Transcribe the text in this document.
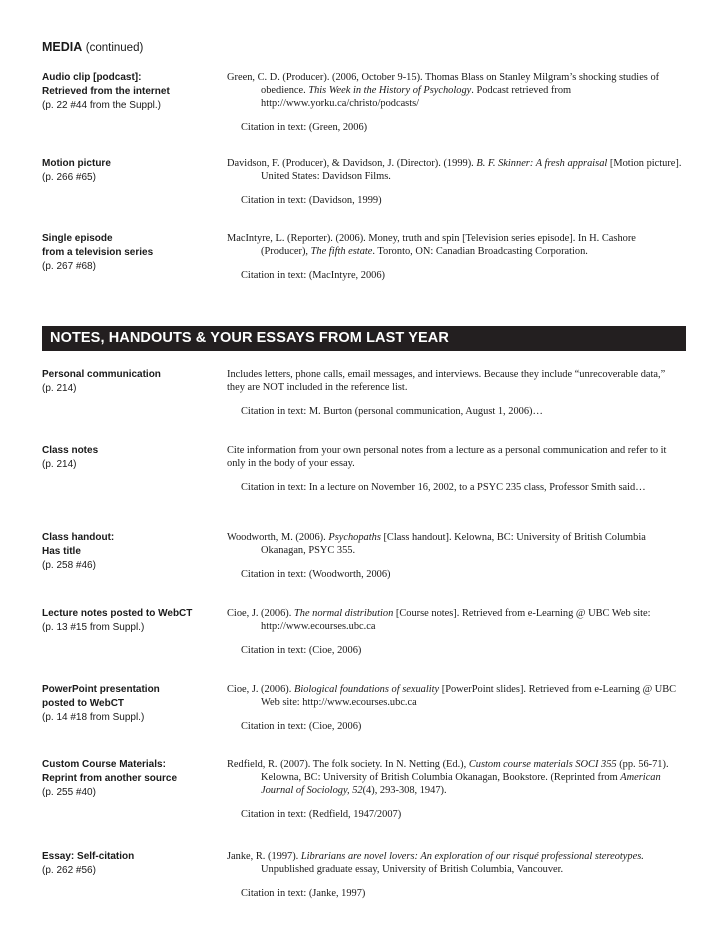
MEDIA (continued)
Audio clip [podcast]:
Retrieved from the internet
(p. 22 #44 from the Suppl.)

Green, C. D. (Producer). (2006, October 9-15). Thomas Blass on Stanley Milgram’s shocking studies of obedience. This Week in the History of Psychology. Podcast retrieved from http://www.yorku.ca/christo/podcasts/

Citation in text: (Green, 2006)

Motion picture
(p. 266 #65)

Davidson, F. (Producer), & Davidson, J. (Director). (1999). B. F. Skinner: A fresh appraisal [Motion picture]. United States: Davidson Films.

Citation in text: (Davidson, 1999)

Single episode
from a television series
(p. 267 #68)

MacIntyre, L. (Reporter). (2006). Money, truth and spin [Television series episode]. In H. Cashore (Producer), The fifth estate. Toronto, ON: Canadian Broadcasting Corporation.

Citation in text: (MacIntyre, 2006)

NOTES, HANDOUTS & YOUR ESSAYS FROM LAST YEAR
Personal communication
(p. 214)

Includes letters, phone calls, email messages, and interviews. Because they include “unrecoverable data,” they are NOT included in the reference list.

Citation in text: M. Burton (personal communication, August 1, 2006)…

Class notes
(p. 214)

Cite information from your own personal notes from a lecture as a personal communication and refer to it only in the body of your essay.

Citation in text: In a lecture on November 16, 2002, to a PSYC 235 class, Professor Smith said…

Class handout:
Has title
(p. 258 #46)

Woodworth, M. (2006). Psychopaths [Class handout]. Kelowna, BC: University of British Columbia Okanagan, PSYC 355.

Citation in text: (Woodworth, 2006)

Lecture notes posted to WebCT
(p. 13 #15 from Suppl.)

Cioe, J. (2006). The normal distribution [Course notes]. Retrieved from e-Learning @ UBC Web site: http://www.ecourses.ubc.ca

Citation in text: (Cioe, 2006)

PowerPoint presentation
posted to WebCT
(p. 14 #18 from Suppl.)

Cioe, J. (2006). Biological foundations of sexuality [PowerPoint slides]. Retrieved from e-Learning @ UBC Web site: http://www.ecourses.ubc.ca

Citation in text: (Cioe, 2006)

Custom Course Materials:
Reprint from another source
(p. 255 #40)

Redfield, R. (2007). The folk society. In N. Netting (Ed.), Custom course materials SOCI 355 (pp. 56-71). Kelowna, BC: University of British Columbia Okanagan, Bookstore. (Reprinted from American Journal of Sociology, 52(4), 293-308, 1947).

Citation in text: (Redfield, 1947/2007)

Essay: Self-citation
(p. 262 #56)

Janke, R. (1997). Librarians are novel lovers: An exploration of our risqué professional stereotypes. Unpublished graduate essay, University of British Columbia, Vancouver.

Citation in text: (Janke, 1997)
